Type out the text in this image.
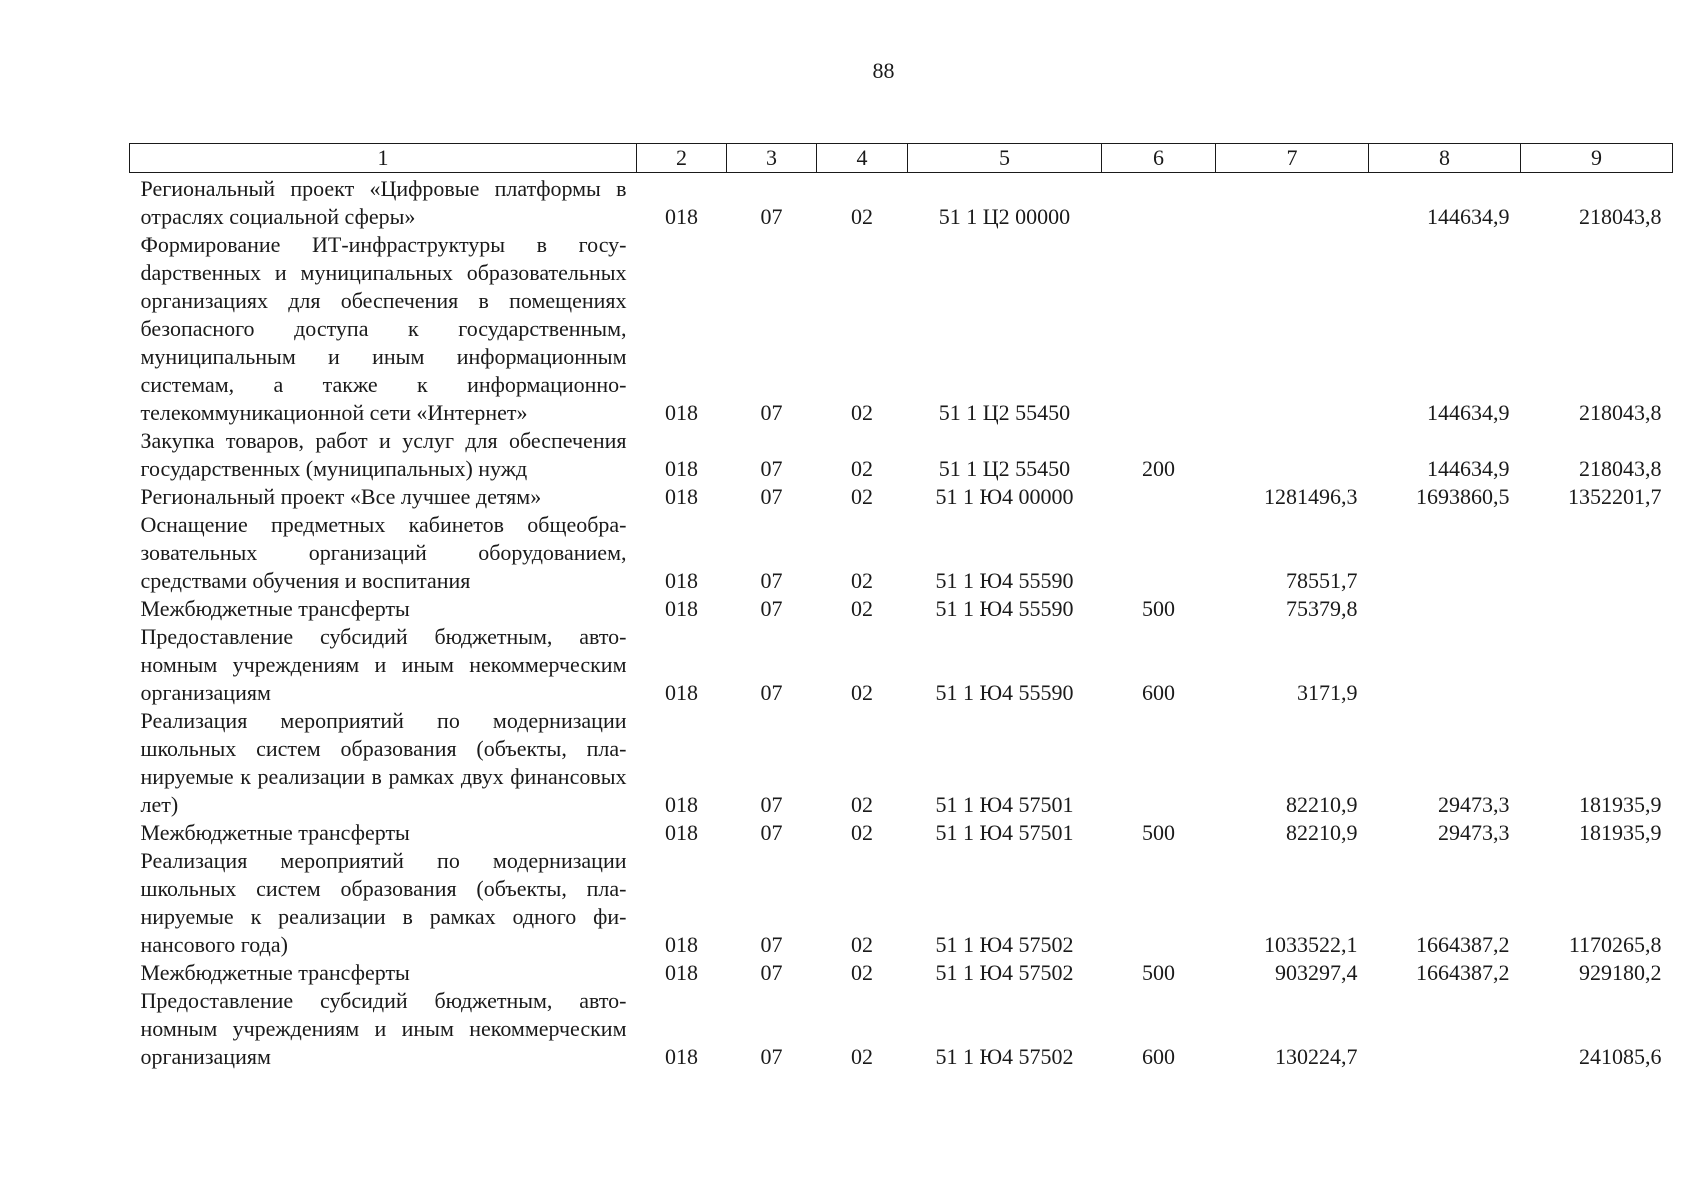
88
1	2	3	4	5	6	7	8	9
Региональный проект «Цифровые платформы в отраслях социальной сферы»	018	07	02	51 1 Ц2 00000			144634,9	218043,8
Формирование ИТ-инфраструктуры в госуdарственных и муниципальных образовательных организациях для обеспечения в помещениях безопасного доступа к государственным, муниципальным и иным информационным системам, а также к информационно-телекоммуникационной сети «Интернет»	018	07	02	51 1 Ц2 55450			144634,9	218043,8
Закупка товаров, работ и услуг для обеспечения государственных (муниципальных) нужд	018	07	02	51 1 Ц2 55450	200		144634,9	218043,8
Региональный проект «Все лучшее детям»	018	07	02	51 1 Ю4 00000		1281496,3	1693860,5	1352201,7
Оснащение предметных кабинетов общеобразовательных организаций оборудованием, средствами обучения и воспитания	018	07	02	51 1 Ю4 55590		78551,7		
Межбюджетные трансферты	018	07	02	51 1 Ю4 55590	500	75379,8		
Предоставление субсидий бюджетным, автономным учреждениям и иным некоммерческим организациям	018	07	02	51 1 Ю4 55590	600	3171,9		
Реализация мероприятий по модернизации школьных систем образования (объекты, планируемые к реализации в рамках двух финансовых лет)	018	07	02	51 1 Ю4 57501		82210,9	29473,3	181935,9
Межбюджетные трансферты	018	07	02	51 1 Ю4 57501	500	82210,9	29473,3	181935,9
Реализация мероприятий по модернизации школьных систем образования (объекты, планируемые к реализации в рамках одного финансового года)	018	07	02	51 1 Ю4 57502		1033522,1	1664387,2	1170265,8
Межбюджетные трансферты	018	07	02	51 1 Ю4 57502	500	903297,4	1664387,2	929180,2
Предоставление субсидий бюджетным, автономным учреждениям и иным некоммерческим организациям	018	07	02	51 1 Ю4 57502	600	130224,7		241085,6
